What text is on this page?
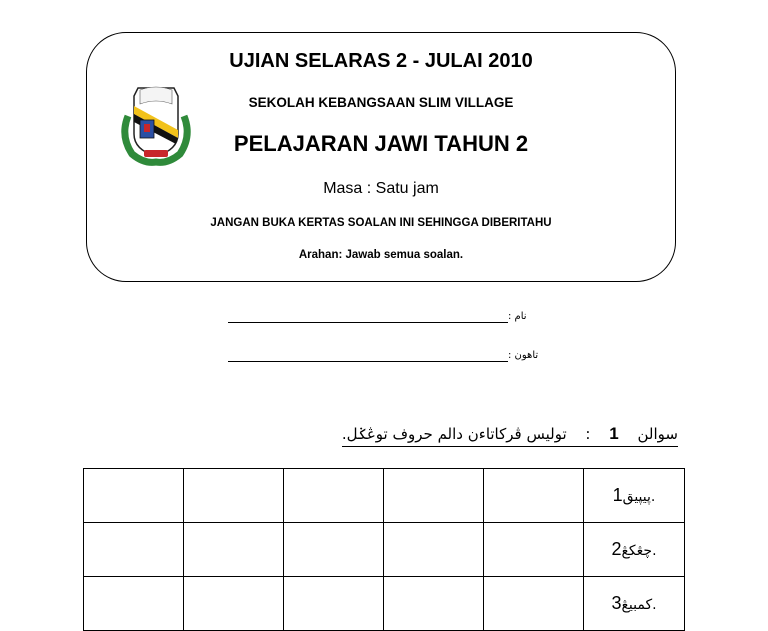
UJIAN SELARAS 2 - JULAI 2010
SEKOLAH KEBANGSAAN SLIM VILLAGE
PELAJARAN JAWI TAHUN 2
Masa : Satu jam
JANGAN BUKA KERTAS SOALAN INI SEHINGGA DIBERITAHU
Arahan: Jawab semua soalan.
نام :
تاهون :
سوالن 1 : توليس ڤركاتاءن دالم حروف توڠݢل.
					.ڽيڽيق1
					.چڠكڠ2
					.كمبيڠ3
